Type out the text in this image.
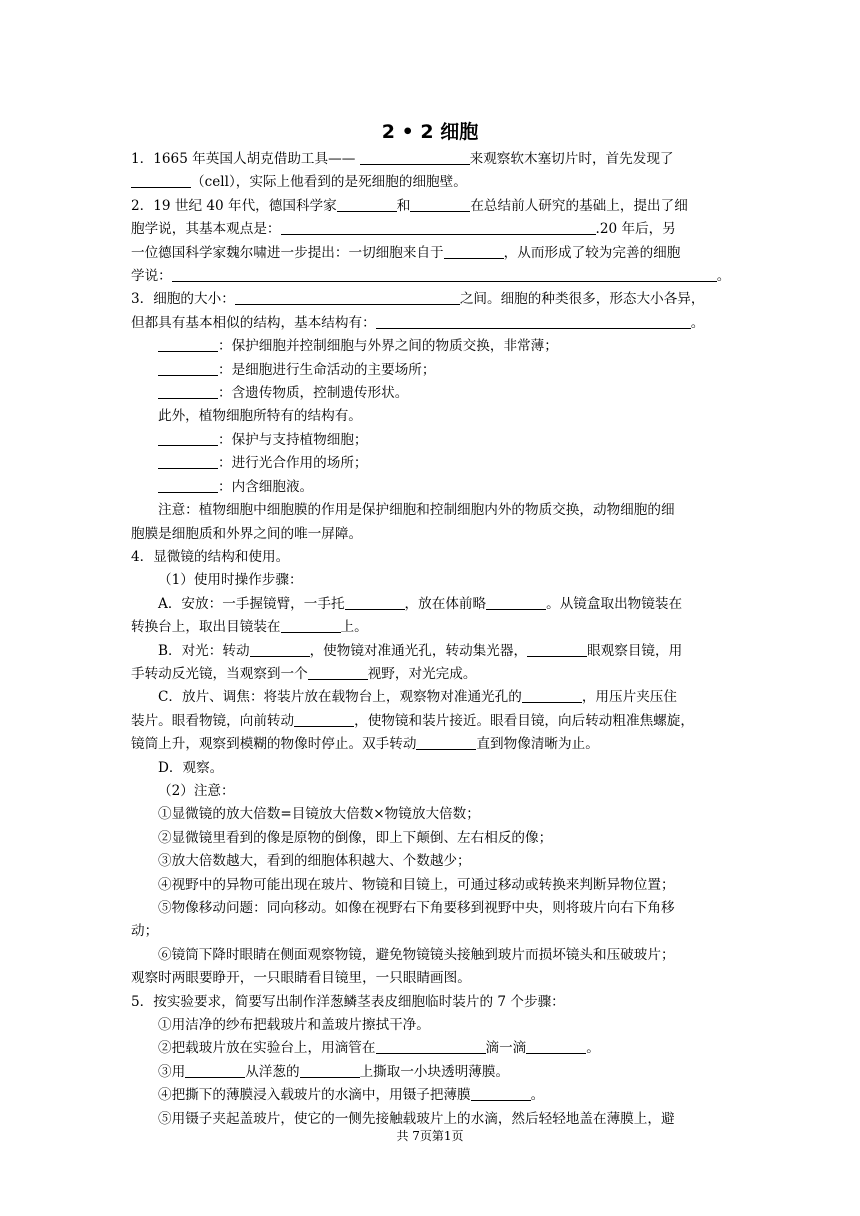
2 • 2 细胞

1．1665 年英国人胡克借助工具——	来观察软木塞切片时，首先发现了

（cell），实际上他看到的是死细胞的细胞壁。

2．19 世纪 40 年代，德国科学家	和	在总结前人研究的基础上，提出了细

胞学说，其基本观点是：	.20 年后，另

一位德国科学家魏尔啸进一步提出：一切细胞来自于	，从而形成了较为完善的细胞

学说：	。

3．细胞的大小：	之间。细胞的种类很多，形态大小各异，

但都具有基本相似的结构，基本结构有：	。

：保护细胞并控制细胞与外界之间的物质交换，非常薄；

：是细胞进行生命活动的主要场所；

：含遗传物质，控制遗传形状。

此外，植物细胞所特有的结构有。

：保护与支持植物细胞；

：进行光合作用的场所；

：内含细胞液。

注意：植物细胞中细胞膜的作用是保护细胞和控制细胞内外的物质交换，动物细胞的细

胞膜是细胞质和外界之间的唯一屏障。

4．显微镜的结构和使用。

（1）使用时操作步骤：

A．安放：一手握镜臂，一手托	，放在体前略	。从镜盒取出物镜装在

转换台上，取出目镜装在	上。

B．对光：转动	，使物镜对准通光孔，转动集光器，	眼观察目镜，用

手转动反光镜，当观察到一个	视野，对光完成。

C．放片、调焦：将装片放在载物台上，观察物对准通光孔的	，用压片夹压住

装片。眼看物镜，向前转动	，使物镜和装片接近。眼看目镜，向后转动粗准焦螺旋，

镜筒上升，观察到模糊的物像时停止。双手转动	直到物像清晰为止。

D．观察。

（2）注意：

①显微镜的放大倍数=目镜放大倍数×物镜放大倍数；

②显微镜里看到的像是原物的倒像，即上下颠倒、左右相反的像；

③放大倍数越大，看到的细胞体积越大、个数越少；

④视野中的异物可能出现在玻片、物镜和目镜上，可通过移动或转换来判断异物位置；

⑤物像移动问题：同向移动。如像在视野右下角要移到视野中央，则将玻片向右下角移

动；

⑥镜筒下降时眼睛在侧面观察物镜，避免物镜镜头接触到玻片而损坏镜头和压破玻片；

观察时两眼要睁开，一只眼睛看目镜里，一只眼睛画图。

5．按实验要求，简要写出制作洋葱鳞茎表皮细胞临时装片的 7 个步骤：

①用洁净的纱布把载玻片和盖玻片擦拭干净。

②把载玻片放在实验台上，用滴管在	滴一滴	。

③用	从洋葱的	上撕取一小块透明薄膜。

④把撕下的薄膜浸入载玻片的水滴中，用镊子把薄膜	。

⑤用镊子夹起盖玻片，使它的一侧先接触载玻片上的水滴，然后轻轻地盖在薄膜上，避

共 7页第1页
